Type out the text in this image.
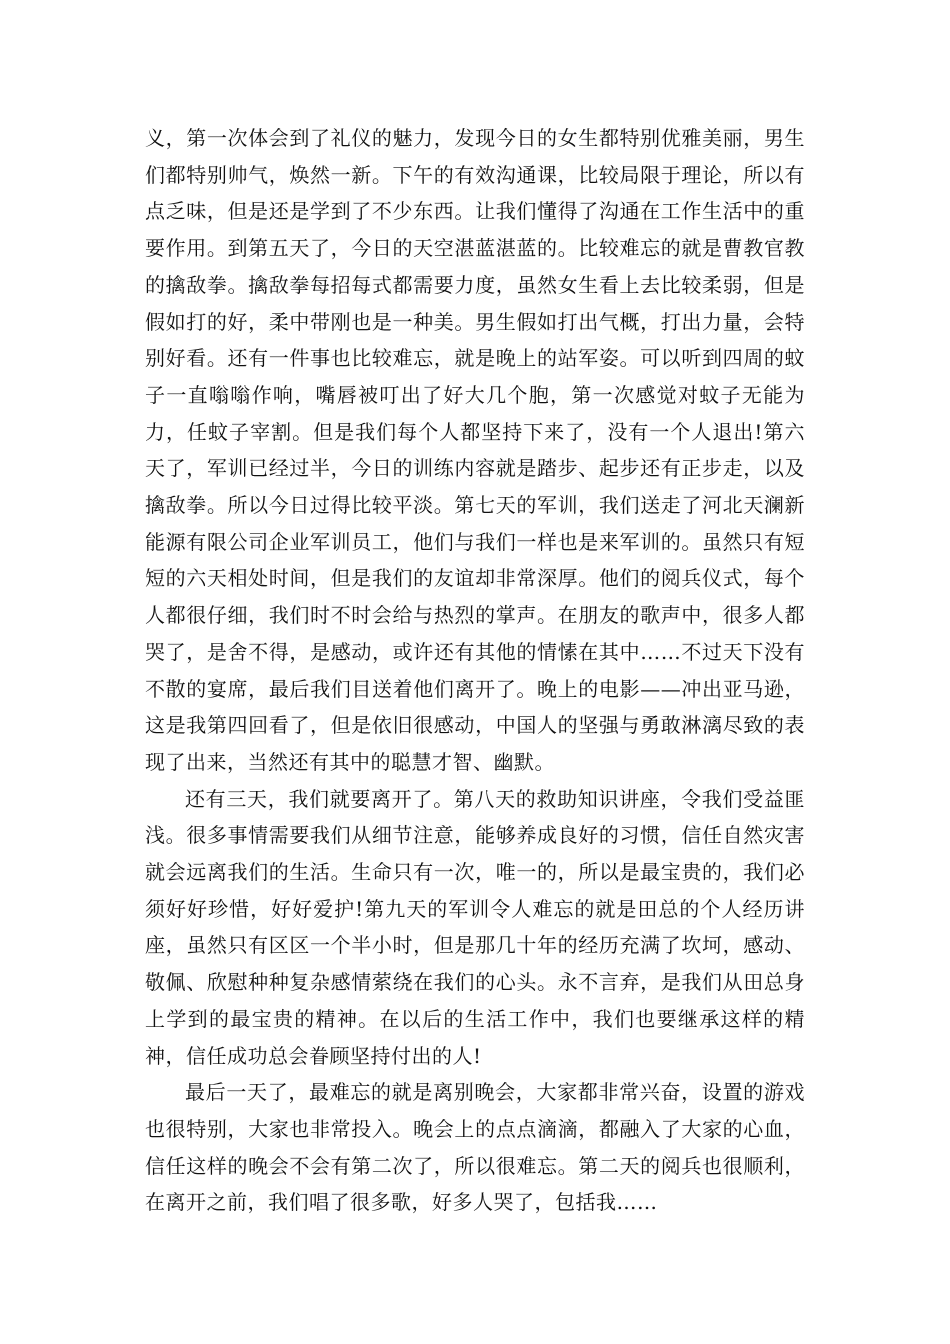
义，第一次体会到了礼仪的魅力，发现今日的女生都特别优雅美丽，男生们都特别帅气，焕然一新。下午的有效沟通课，比较局限于理论，所以有点乏味，但是还是学到了不少东西。让我们懂得了沟通在工作生活中的重要作用。到第五天了，今日的天空湛蓝湛蓝的。比较难忘的就是曹教官教的擒敌拳。擒敌拳每招每式都需要力度，虽然女生看上去比较柔弱，但是假如打的好，柔中带刚也是一种美。男生假如打出气概，打出力量，会特别好看。还有一件事也比较难忘，就是晚上的站军姿。可以听到四周的蚊子一直嗡嗡作响，嘴唇被叮出了好大几个胞，第一次感觉对蚊子无能为力，任蚊子宰割。但是我们每个人都坚持下来了，没有一个人退出!第六天了，军训已经过半，今日的训练内容就是踏步、起步还有正步走，以及擒敌拳。所以今日过得比较平淡。第七天的军训，我们送走了河北天澜新能源有限公司企业军训员工，他们与我们一样也是来军训的。虽然只有短短的六天相处时间，但是我们的友谊却非常深厚。他们的阅兵仪式，每个人都很仔细，我们时不时会给与热烈的掌声。在朋友的歌声中，很多人都哭了，是舍不得，是感动，或许还有其他的情愫在其中……不过天下没有不散的宴席，最后我们目送着他们离开了。晚上的电影——冲出亚马逊，这是我第四回看了，但是依旧很感动，中国人的坚强与勇敢淋漓尽致的表现了出来，当然还有其中的聪慧才智、幽默。

还有三天，我们就要离开了。第八天的救助知识讲座，令我们受益匪浅。很多事情需要我们从细节注意，能够养成良好的习惯，信任自然灾害就会远离我们的生活。生命只有一次，唯一的，所以是最宝贵的，我们必须好好珍惜，好好爱护!第九天的军训令人难忘的就是田总的个人经历讲座，虽然只有区区一个半小时，但是那几十年的经历充满了坎坷，感动、敬佩、欣慰种种复杂感情萦绕在我们的心头。永不言弃，是我们从田总身上学到的最宝贵的精神。在以后的生活工作中，我们也要继承这样的精神，信任成功总会眷顾坚持付出的人!

最后一天了，最难忘的就是离别晚会，大家都非常兴奋，设置的游戏也很特别，大家也非常投入。晚会上的点点滴滴，都融入了大家的心血，信任这样的晚会不会有第二次了，所以很难忘。第二天的阅兵也很顺利，在离开之前，我们唱了很多歌，好多人哭了，包括我……
